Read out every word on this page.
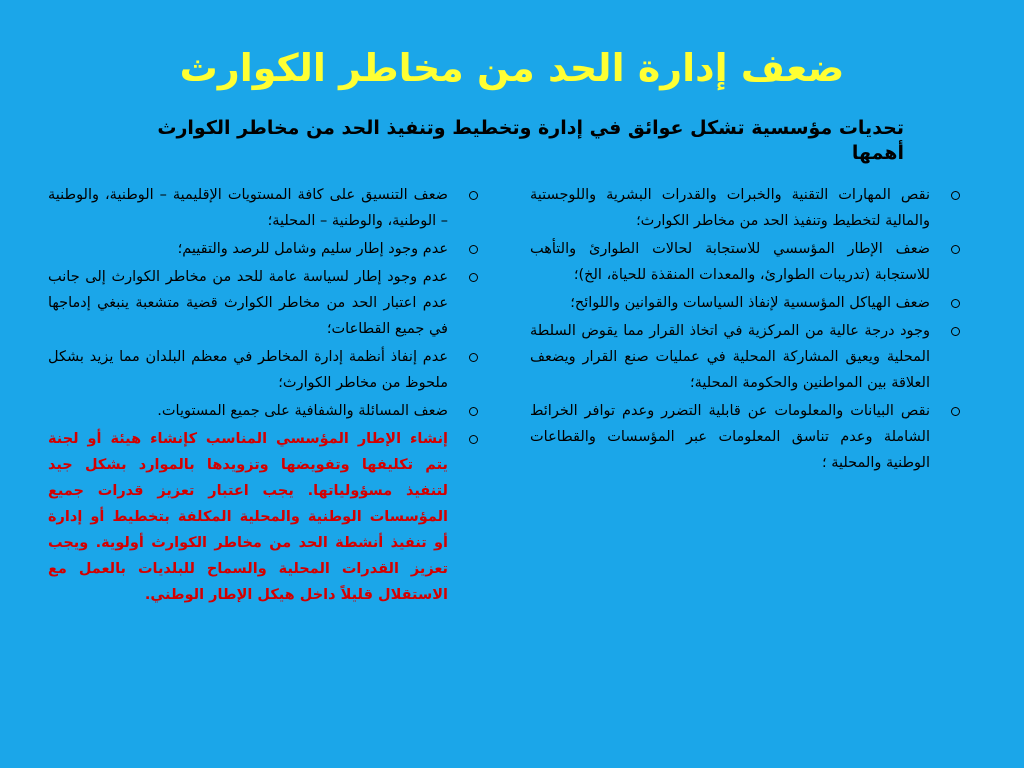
ضعف إدارة الحد من مخاطر الكوارث
تحديات مؤسسية تشكل عوائق في إدارة وتخطيط وتنفيذ الحد من مخاطر الكوارث أهمها
نقص المهارات التقنية والخبرات والقدرات البشرية واللوجستية والمالية لتخطيط وتنفيذ الحد من مخاطر الكوارث؛
ضعف الإطار المؤسسي للاستجابة لحالات الطوارئ والتأهب للاستجابة (تدريبات الطوارئ، والمعدات المنقذة للحياة، الخ)؛
ضعف الهياكل المؤسسية لإنفاذ السياسات والقوانين واللوائح؛
وجود درجة عالية من المركزية في اتخاذ القرار مما يقوض السلطة المحلية ويعيق المشاركة المحلية في عمليات صنع القرار ويضعف العلاقة بين المواطنين والحكومة المحلية؛
نقص البيانات والمعلومات عن قابلية التضرر وعدم توافر الخرائط الشاملة وعدم تناسق المعلومات عبر المؤسسات والقطاعات الوطنية والمحلية ؛
ضعف التنسيق على كافة المستويات الإقليمية – الوطنية، والوطنية – الوطنية، والوطنية – المحلية؛
عدم وجود إطار سليم وشامل للرصد والتقييم؛
عدم وجود إطار لسياسة عامة للحد من مخاطر الكوارث إلى جانب عدم اعتبار الحد من مخاطر الكوارث قضية متشعبة ينبغي إدماجها في جميع القطاعات؛
عدم إنفاذ أنظمة إدارة المخاطر في معظم البلدان مما يزيد بشكل ملحوظ من مخاطر الكوارث؛
ضعف المسائلة والشفافية على جميع المستويات.
إنشاء الإطار المؤسسي المناسب كإنشاء هيئة أو لجنة يتم تكليفها وتفويضها وتزويدها بالموارد بشكل جيد لتنفيذ مسؤولياتها. يجب اعتبار تعزيز قدرات جميع المؤسسات الوطنية والمحلية المكلفة بتخطيط أو إدارة أو تنفيذ أنشطة الحد من مخاطر الكوارث أولوية. ويجب تعزيز القدرات المحلية والسماح للبلديات بالعمل مع الاستقلال قليلاً داخل هيكل الإطار الوطني.
